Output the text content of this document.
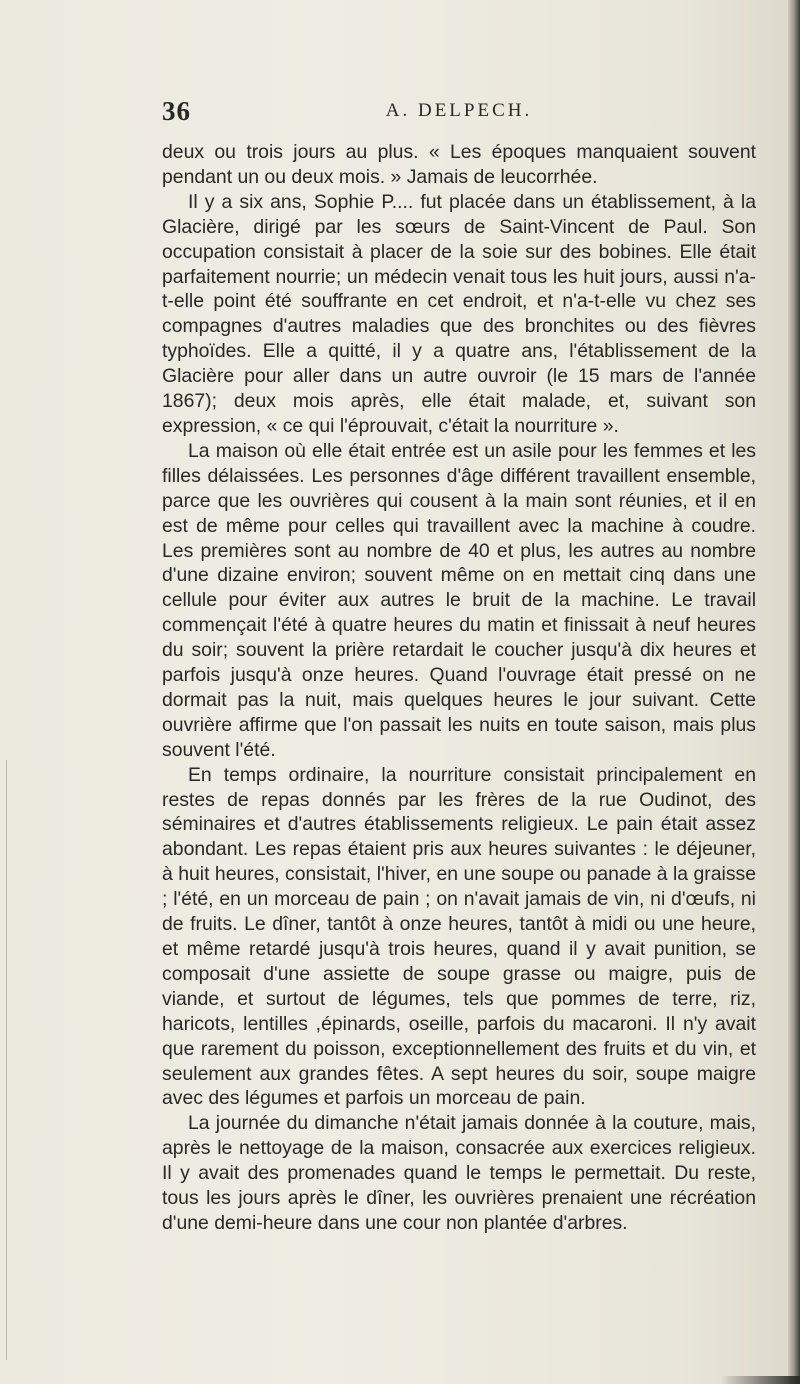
36	A. DELPECH.

deux ou trois jours au plus. « Les époques manquaient souvent pendant un ou deux mois. » Jamais de leucorrhée.

Il y a six ans, Sophie P.... fut placée dans un établissement, à la Glacière, dirigé par les sœurs de Saint-Vincent de Paul. Son occupation consistait à placer de la soie sur des bobines. Elle était parfaitement nourrie; un médecin venait tous les huit jours, aussi n'a-t-elle point été souffrante en cet endroit, et n'a-t-elle vu chez ses compagnes d'autres maladies que des bronchites ou des fièvres typhoïdes. Elle a quitté, il y a quatre ans, l'établissement de la Glacière pour aller dans un autre ouvroir (le 15 mars de l'année 1867); deux mois après, elle était malade, et, suivant son expression, « ce qui l'éprouvait, c'était la nourriture ».

La maison où elle était entrée est un asile pour les femmes et les filles délaissées. Les personnes d'âge différent travaillent ensemble, parce que les ouvrières qui cousent à la main sont réunies, et il en est de même pour celles qui travaillent avec la machine à coudre. Les premières sont au nombre de 40 et plus, les autres au nombre d'une dizaine environ; souvent même on en mettait cinq dans une cellule pour éviter aux autres le bruit de la machine. Le travail commençait l'été à quatre heures du matin et finissait à neuf heures du soir; souvent la prière retardait le coucher jusqu'à dix heures et parfois jusqu'à onze heures. Quand l'ouvrage était pressé on ne dormait pas la nuit, mais quelques heures le jour suivant. Cette ouvrière affirme que l'on passait les nuits en toute saison, mais plus souvent l'été.

En temps ordinaire, la nourriture consistait principalement en restes de repas donnés par les frères de la rue Oudinot, des séminaires et d'autres établissements religieux. Le pain était assez abondant. Les repas étaient pris aux heures suivantes : le déjeuner, à huit heures, consistait, l'hiver, en une soupe ou panade à la graisse ; l'été, en un morceau de pain ; on n'avait jamais de vin, ni d'œufs, ni de fruits. Le dîner, tantôt à onze heures, tantôt à midi ou une heure, et même retardé jusqu'à trois heures, quand il y avait punition, se composait d'une assiette de soupe grasse ou maigre, puis de viande, et surtout de légumes, tels que pommes de terre, riz, haricots, lentilles ,épinards, oseille, parfois du macaroni. Il n'y avait que rarement du poisson, exceptionnellement des fruits et du vin, et seulement aux grandes fêtes. A sept heures du soir, soupe maigre avec des légumes et parfois un morceau de pain.

La journée du dimanche n'était jamais donnée à la couture, mais, après le nettoyage de la maison, consacrée aux exercices religieux. Il y avait des promenades quand le temps le permettait. Du reste, tous les jours après le dîner, les ouvrières prenaient une récréation d'une demi-heure dans une cour non plantée d'arbres.
